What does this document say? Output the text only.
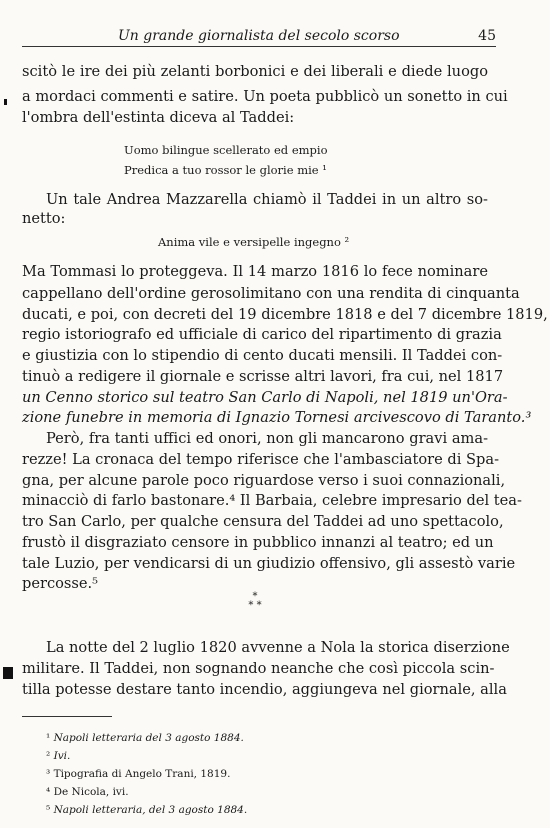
Un grande giornalista del secolo scorso	45
scitò le ire dei più zelanti borbonici e dei liberali e diede luogo
a mordaci commenti e satire. Un poeta pubblicò un sonetto in cui
l'ombra dell'estinta diceva al Taddei:
Uomo bilingue scellerato ed empio
Predica a tuo rossor le glorie mie ¹
Un tale Andrea Mazzarella chiamò il Taddei in un altro so-
netto:
Anima vile e versipelle ingegno ²
Ma Tommasi lo proteggeva. Il 14 marzo 1816 lo fece nominare
cappellano dell'ordine gerosolimitano con una rendita di cinquanta
ducati, e poi, con decreti del 19 dicembre 1818 e del 7 dicembre 1819,
regio istoriografo ed ufficiale di carico del ripartimento di grazia
e giustizia con lo stipendio di cento ducati mensili. Il Taddei con-
tinuò a redigere il giornale e scrisse altri lavori, fra cui, nel 1817
un Cenno storico sul teatro San Carlo di Napoli, nel 1819 un'Ora-
zione funebre in memoria di Ignazio Tornesi arcivescovo di Taranto.³
Però, fra tanti uffici ed onori, non gli mancarono gravi ama-
rezze! La cronaca del tempo riferisce che l'ambasciatore di Spa-
gna, per alcune parole poco riguardose verso i suoi connazionali,
minacciò di farlo bastonare.⁴ Il Barbaia, celebre impresario del tea-
tro San Carlo, per qualche censura del Taddei ad uno spettacolo,
frustò il disgraziato censore in pubblico innanzi al teatro; ed un
tale Luzio, per vendicarsi di un giudizio offensivo, gli assestò varie
percosse.⁵
*
* *
La notte del 2 luglio 1820 avvenne a Nola la storica diserzione
militare. Il Taddei, non sognando neanche che così piccola scin-
tilla potesse destare tanto incendio, aggiungeva nel giornale, alla
¹ Napoli letteraria del 3 agosto 1884.
² Ivi.
³ Tipografia di Angelo Trani, 1819.
⁴ De Nicola, ivi.
⁵ Napoli letteraria, del 3 agosto 1884.
